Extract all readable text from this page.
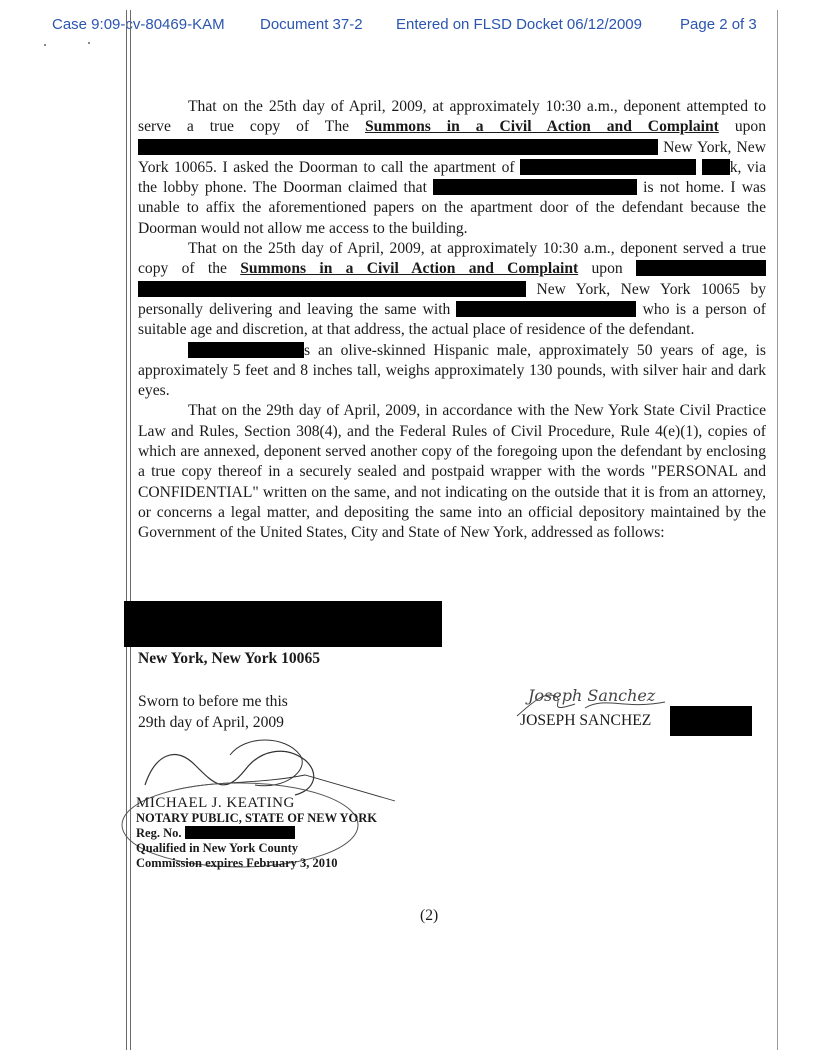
Case 9:09-cv-80469-KAM Document 37-2 Entered on FLSD Docket 06/12/2009	Page 2 of 3

That on the 25th day of April, 2009, at approximately 10:30 a.m., deponent attempted to serve a true copy of The Summons in a Civil Action and Complaint upon  New York, New York 10065. I asked the Doorman to call the apartment of	k, via the lobby phone. The Doorman claimed that	is not home. I was unable to affix the aforementioned papers on the apartment door of the defendant because the Doorman would not allow me access to the building.

That on the 25th day of April, 2009, at approximately 10:30 a.m., deponent served a true copy of the Summons in a Civil Action and Complaint upon   New York, New York 10065 by personally delivering and leaving the same with	who is a person of suitable age and discretion, at that address, the actual place of residence of the defendant.

s an olive-skinned Hispanic male, approximately 50 years of age, is approximately 5 feet and 8 inches tall, weighs approximately 130 pounds, with silver hair and dark eyes.

That on the 29th day of April, 2009, in accordance with the New York State Civil Practice Law and Rules, Section 308(4), and the Federal Rules of Civil Procedure, Rule 4(e)(1), copies of which are annexed, deponent served another copy of the foregoing upon the defendant by enclosing a true copy thereof in a securely sealed and postpaid wrapper with the words "PERSONAL and CONFIDENTIAL" written on the same, and not indicating on the outside that it is from an attorney, or concerns a legal matter, and depositing the same into an official depository maintained by the Government of the United States, City and State of New York, addressed as follows:

New York, New York 10065
Sworn to before me this
29th day of April, 2009
Joseph Sanchez
JOSEPH SANCHEZ
MICHAEL J. KEATING
NOTARY PUBLIC, STATE OF NEW YORK
Reg. No.
Qualified in New York County
Commission expires February 3, 2010
(2)
